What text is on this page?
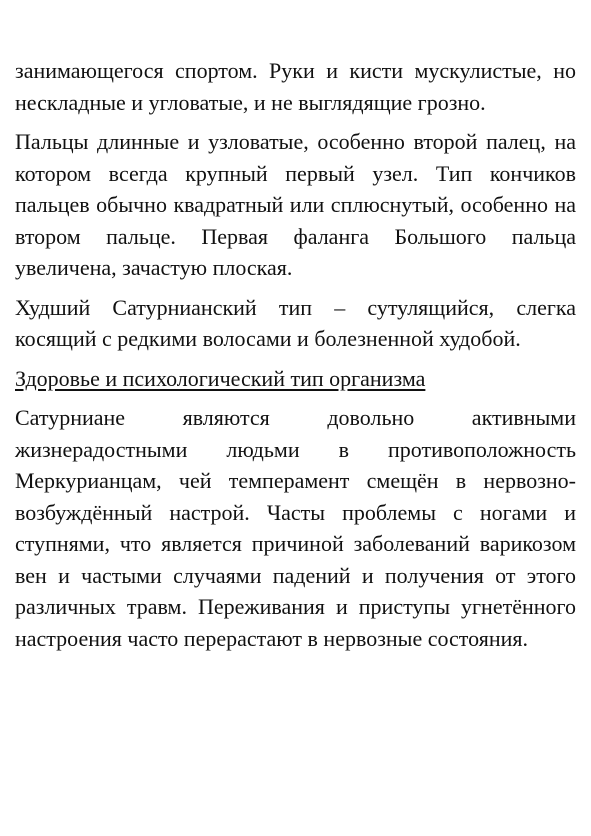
занимающегося спортом. Руки и кисти мускулистые, но нескладные и угловатые, и не выглядящие грозно.

Пальцы длинные и узловатые, особенно второй палец, на котором всегда крупный первый узел. Тип кончиков пальцев обычно квадратный или сплюснутый, особенно на втором пальце. Первая фаланга Большого пальца увеличена, зачастую плоская.

Худший Сатурнианский тип – сутулящийся, слегка косящий с редкими волосами и болезненной худобой.

Здоровье и психологический тип организма

Сатурниане являются довольно активными жизнерадостными людьми в противоположность Меркурианцам, чей темперамент смещён в нервозно-возбуждённый настрой. Часты проблемы с ногами и ступнями, что является причиной заболеваний варикозом вен и частыми случаями падений и получения от этого различных травм. Переживания и приступы угнетённого настроения часто перерастают в нервозные состояния.
